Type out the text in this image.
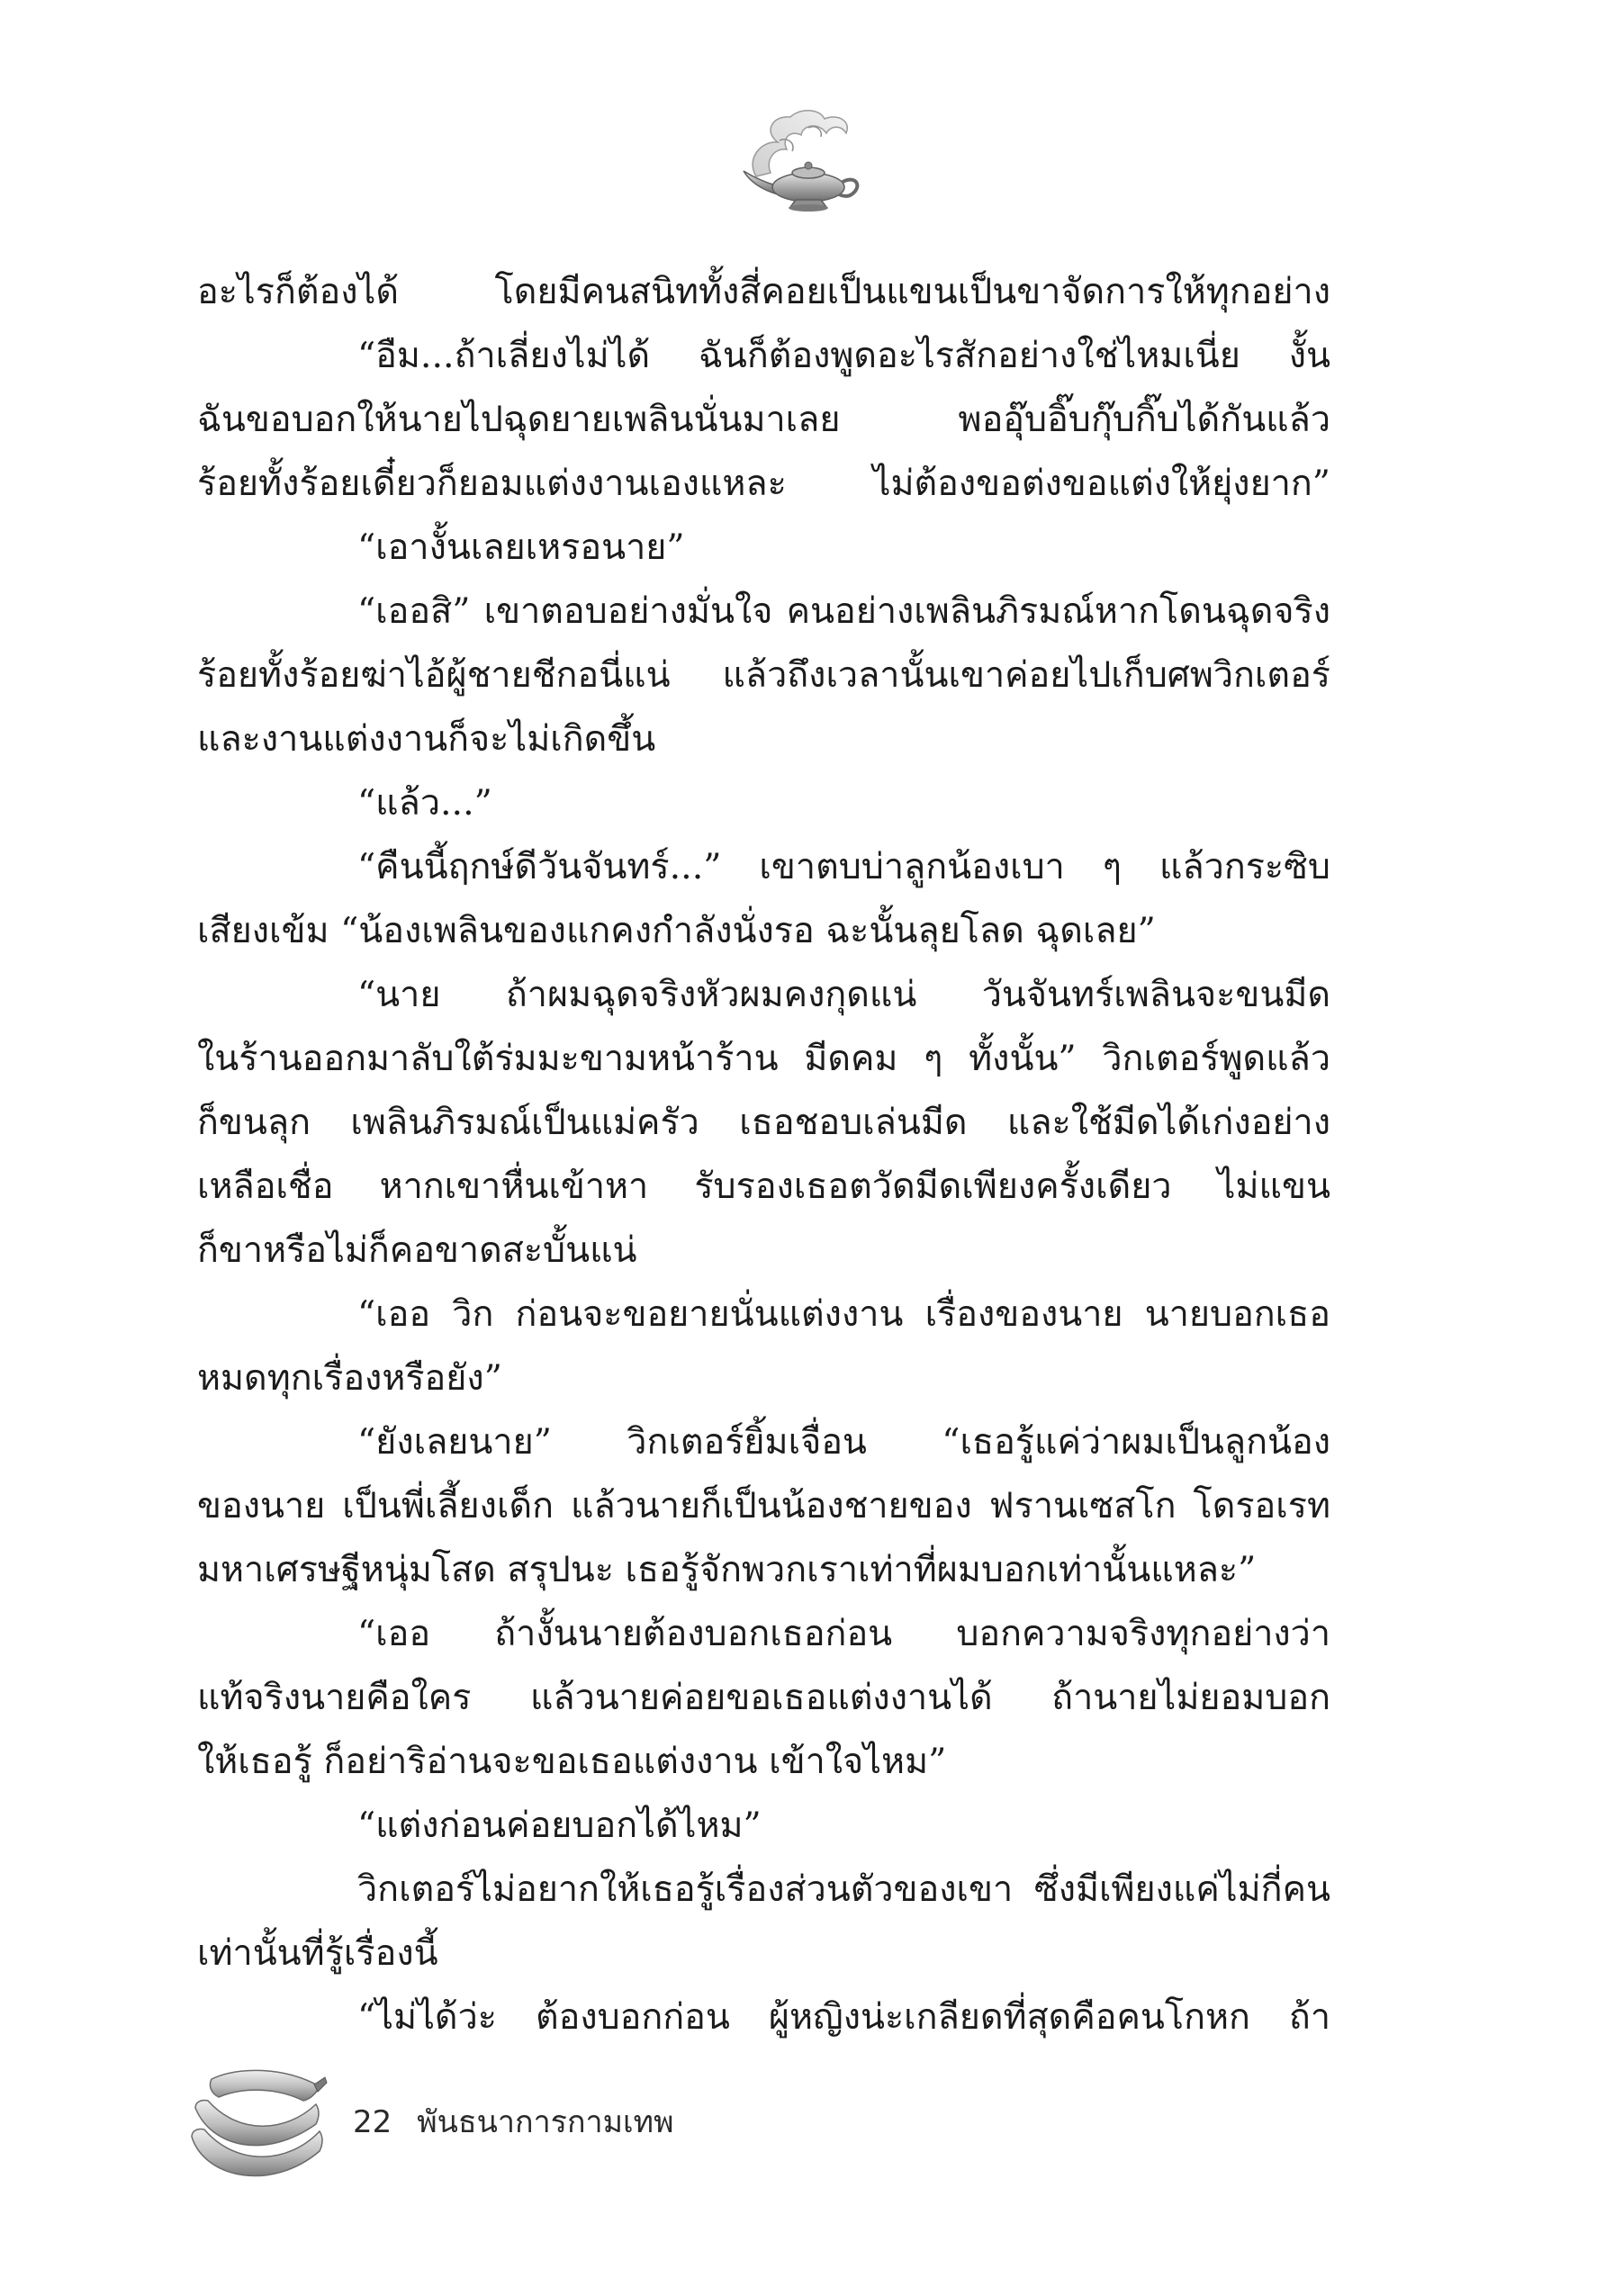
อะไรก็ต้องได้ โดยมีคนสนิททั้งสี่คอยเป็นแขนเป็นขาจัดการให้ทุกอย่าง
“อืม...ถ้าเลี่ยงไม่ได้ ฉันก็ต้องพูดอะไรสักอย่างใช่ไหมเนี่ย งั้น
ฉันขอบอกให้นายไปฉุดยายเพลินนั่นมาเลย พออุ๊บอิ๊บกุ๊บกิ๊บได้กันแล้ว
ร้อยทั้งร้อยเดี๋ยวก็ยอมแต่งงานเองแหละ ไม่ต้องขอต่งขอแต่งให้ยุ่งยาก”
“เอางั้นเลยเหรอนาย”
“เออสิ” เขาตอบอย่างมั่นใจ คนอย่างเพลินภิรมณ์หากโดนฉุดจริง
ร้อยทั้งร้อยฆ่าไอ้ผู้ชายชีกอนี่แน่ แล้วถึงเวลานั้นเขาค่อยไปเก็บศพวิกเตอร์
และงานแต่งงานก็จะไม่เกิดขึ้น
“แล้ว...”
“คืนนี้ฤกษ์ดีวันจันทร์...” เขาตบบ่าลูกน้องเบา ๆ แล้วกระซิบ
เสียงเข้ม “น้องเพลินของแกคงกำลังนั่งรอ ฉะนั้นลุยโลด ฉุดเลย”
“นาย ถ้าผมฉุดจริงหัวผมคงกุดแน่ วันจันทร์เพลินจะขนมีด
ในร้านออกมาลับใต้ร่มมะขามหน้าร้าน มีดคม ๆ ทั้งนั้น” วิกเตอร์พูดแล้ว
ก็ขนลุก เพลินภิรมณ์เป็นแม่ครัว เธอชอบเล่นมีด และใช้มีดได้เก่งอย่าง
เหลือเชื่อ หากเขาหื่นเข้าหา รับรองเธอตวัดมีดเพียงครั้งเดียว ไม่แขน
ก็ขาหรือไม่ก็คอขาดสะบั้นแน่
“เออ วิก ก่อนจะขอยายนั่นแต่งงาน เรื่องของนาย นายบอกเธอ
หมดทุกเรื่องหรือยัง”
“ยังเลยนาย” วิกเตอร์ยิ้มเจื่อน “เธอรู้แค่ว่าผมเป็นลูกน้อง
ของนาย เป็นพี่เลี้ยงเด็ก แล้วนายก็เป็นน้องชายของ ฟรานเซสโก โดรอเรท
มหาเศรษฐีหนุ่มโสด สรุปนะ เธอรู้จักพวกเราเท่าที่ผมบอกเท่านั้นแหละ”
“เออ ถ้างั้นนายต้องบอกเธอก่อน บอกความจริงทุกอย่างว่า
แท้จริงนายคือใคร แล้วนายค่อยขอเธอแต่งงานได้ ถ้านายไม่ยอมบอก
ให้เธอรู้ ก็อย่าริอ่านจะขอเธอแต่งงาน เข้าใจไหม”
“แต่งก่อนค่อยบอกได้ไหม”
วิกเตอร์ไม่อยากให้เธอรู้เรื่องส่วนตัวของเขา ซึ่งมีเพียงแค่ไม่กี่คน
เท่านั้นที่รู้เรื่องนี้
“ไม่ได้ว่ะ ต้องบอกก่อน ผู้หญิงน่ะเกลียดที่สุดคือคนโกหก ถ้า
22 พันธนาการกามเทพ
